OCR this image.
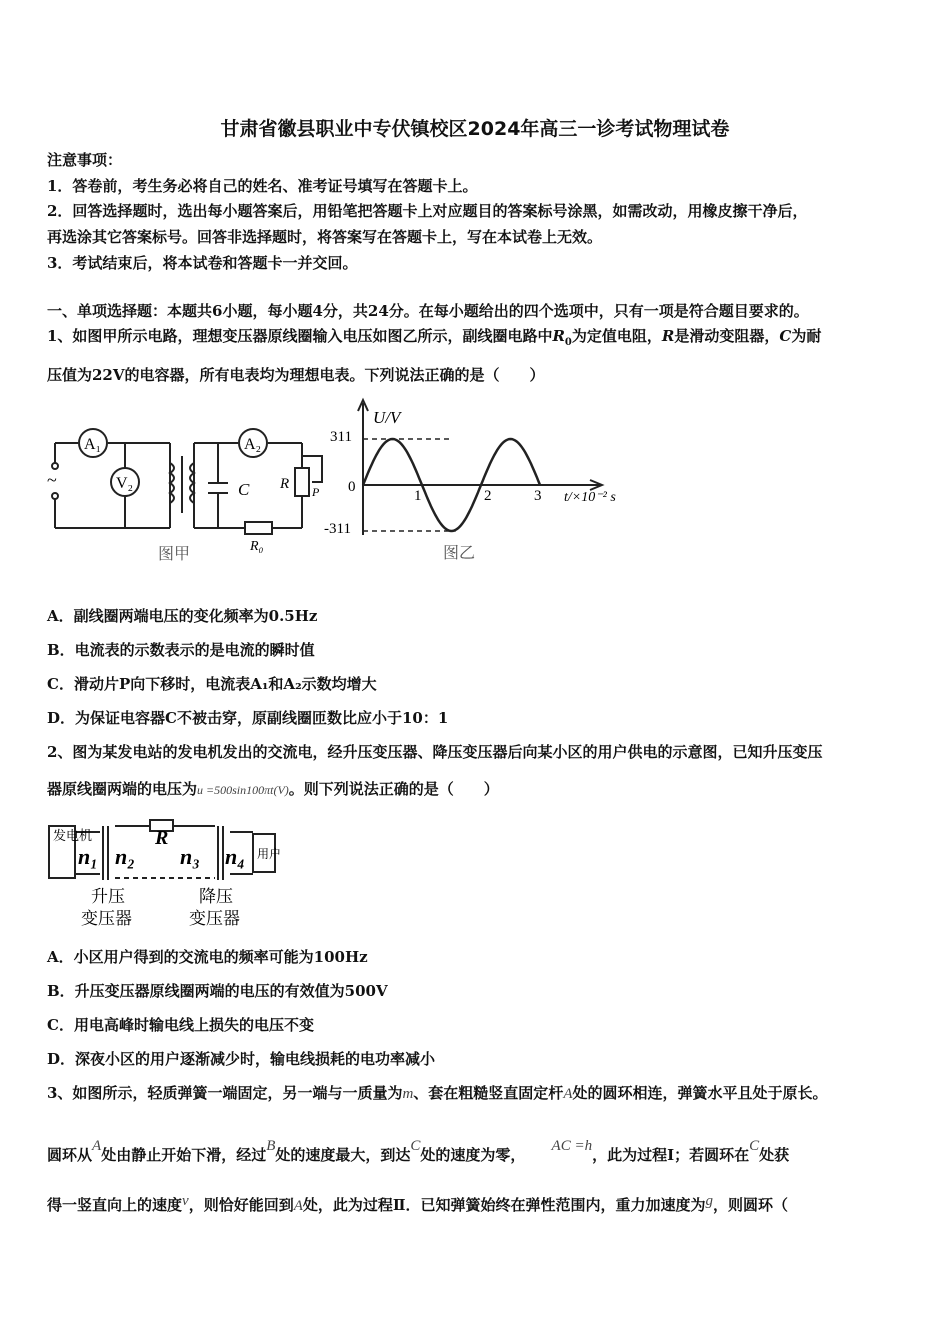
甘肃省徽县职业中专伏镇校区2024年高三一诊考试物理试卷
注意事项：
1．答卷前，考生务必将自己的姓名、准考证号填写在答题卡上。
2．回答选择题时，选出每小题答案后，用铅笔把答题卡上对应题目的答案标号涂黑，如需改动，用橡皮擦干净后，
再选涂其它答案标号。回答非选择题时，将答案写在答题卡上，写在本试卷上无效。
3．考试结束后，将本试卷和答题卡一并交回。
一、单项选择题：本题共6小题，每小题4分，共24分。在每小题给出的四个选项中，只有一项是符合题目要求的。
1、如图甲所示电路，理想变压器原线圈输入电压如图乙所示，副线圈电路中$R_0$为定值电阻，R是滑动变阻器，C为耐
压值为22V的电容器，所有电表均为理想电表。下列说法正确的是（　　）
A₁	A₂
V₂
~	C R P
R₀
图甲
U/V
311
-311
0
1	2	3 t/×10⁻² s
图乙
A．副线圈两端电压的变化频率为0.5Hz
B．电流表的示数表示的是电流的瞬时值
C．滑动片P向下移时，电流表A₁和A₂示数均增大
D．为保证电容器C不被击穿，原副线圈匝数比应小于10：1
2、图为某发电站的发电机发出的交流电，经升压变压器、降压变压器后向某小区的用户供电的示意图，已知升压变压
器原线圈两端的电压为u =500sin100πt(V)。则下列说法正确的是（　　）
发电机
用户
n₁ n₂ n₃ n₄
R
升压
变压器
降压
变压器
A．小区用户得到的交流电的频率可能为100Hz
B．升压变压器原线圈两端的电压的有效值为500V
C．用电高峰时输电线上损失的电压不变
D．深夜小区的用户逐渐减少时，输电线损耗的电功率减小
3、如图所示，轻质弹簧一端固定，另一端与一质量为m、套在粗糙竖直固定杆A处的圆环相连，弹簧水平且处于原长。
圆环从A处由静止开始下滑，经过B处的速度最大，到达C处的速度为零， AC =h，此为过程Ⅰ；若圆环在C处获
得一竖直向上的速度v，则恰好能回到A处，此为过程Ⅱ．已知弹簧始终在弹性范围内，重力加速度为g，则圆环（
